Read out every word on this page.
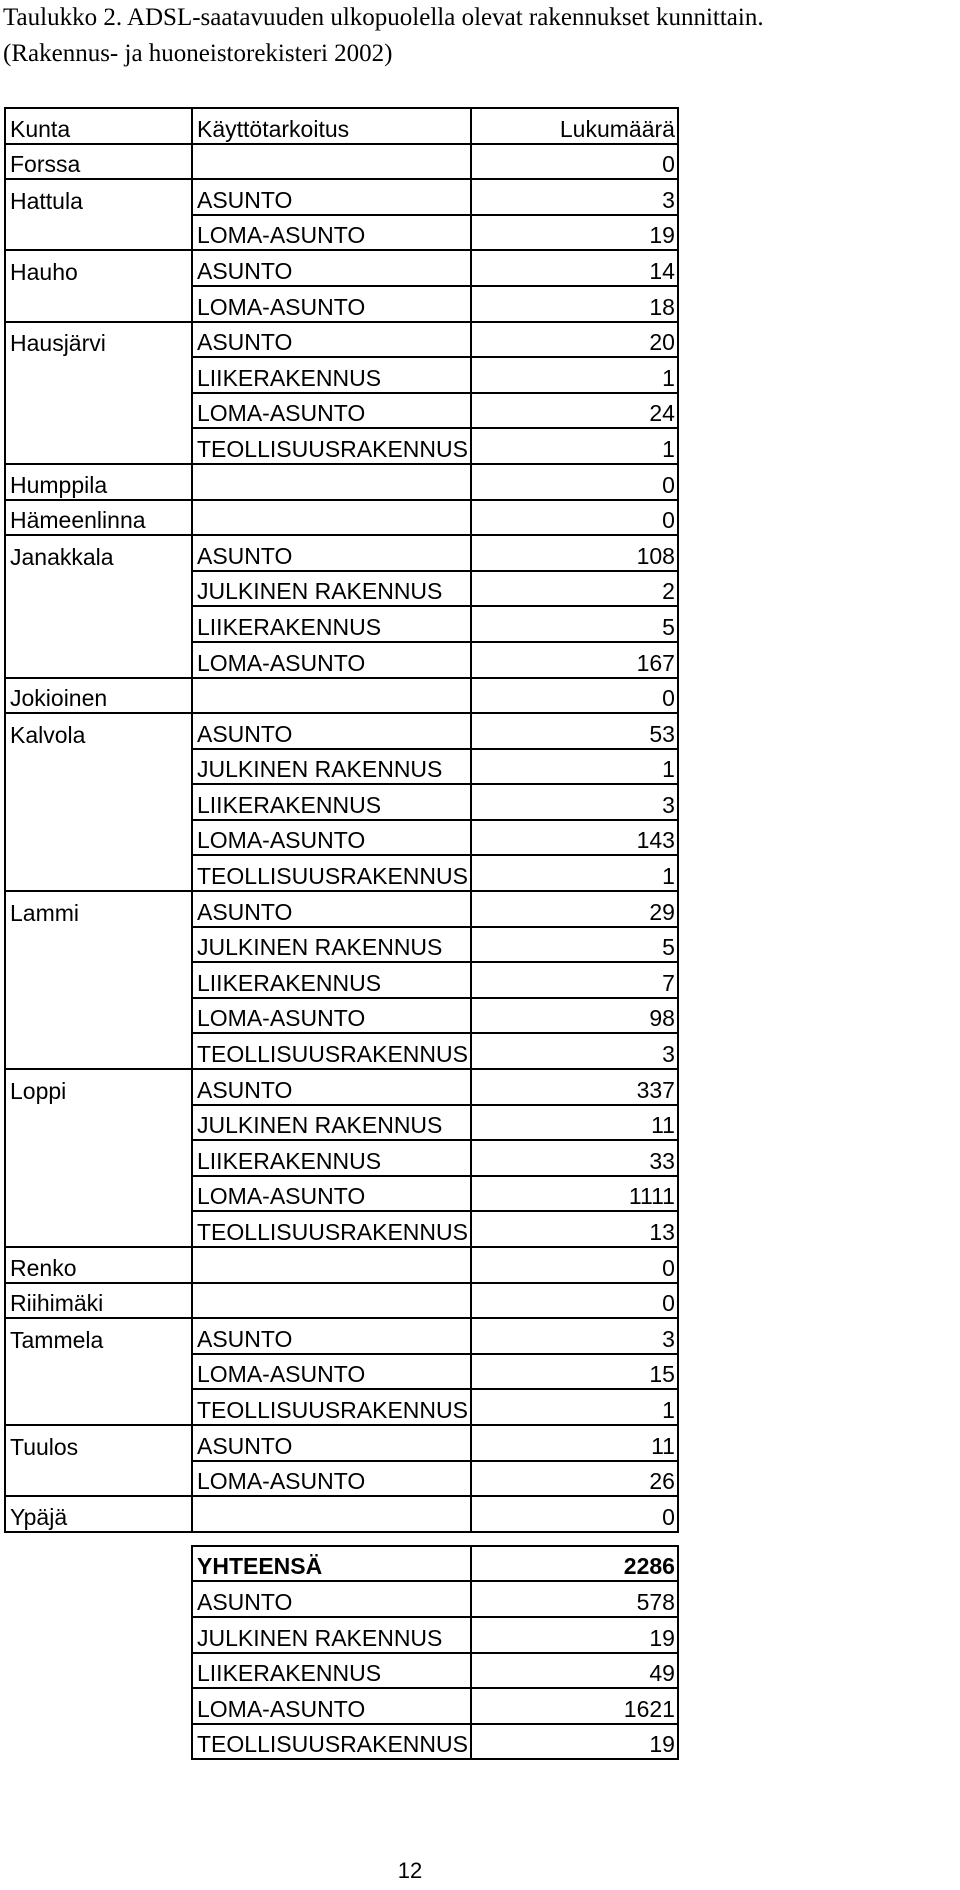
Taulukko 2. ADSL-saatavuuden ulkopuolella olevat rakennukset kunnittain.
(Rakennus- ja huoneistorekisteri 2002)
Kunta	Käyttötarkoitus	Lukumäärä
Forssa		0
Hattula	ASUNTO	3
	LOMA-ASUNTO	19
Hauho	ASUNTO	14
	LOMA-ASUNTO	18
Hausjärvi	ASUNTO	20
	LIIKERAKENNUS	1
	LOMA-ASUNTO	24
	TEOLLISUUSRAKENNUS	1
Humppila		0
Hämeenlinna		0
Janakkala	ASUNTO	108
	JULKINEN RAKENNUS	2
	LIIKERAKENNUS	5
	LOMA-ASUNTO	167
Jokioinen		0
Kalvola	ASUNTO	53
	JULKINEN RAKENNUS	1
	LIIKERAKENNUS	3
	LOMA-ASUNTO	143
	TEOLLISUUSRAKENNUS	1
Lammi	ASUNTO	29
	JULKINEN RAKENNUS	5
	LIIKERAKENNUS	7
	LOMA-ASUNTO	98
	TEOLLISUUSRAKENNUS	3
Loppi	ASUNTO	337
	JULKINEN RAKENNUS	11
	LIIKERAKENNUS	33
	LOMA-ASUNTO	1111
	TEOLLISUUSRAKENNUS	13
Renko		0
Riihimäki		0
Tammela	ASUNTO	3
	LOMA-ASUNTO	15
	TEOLLISUUSRAKENNUS	1
Tuulos	ASUNTO	11
	LOMA-ASUNTO	26
Ypäjä		0

	YHTEENSÄ	2286
	ASUNTO	578
	JULKINEN RAKENNUS	19
	LIIKERAKENNUS	49
	LOMA-ASUNTO	1621
	TEOLLISUUSRAKENNUS	19
12
